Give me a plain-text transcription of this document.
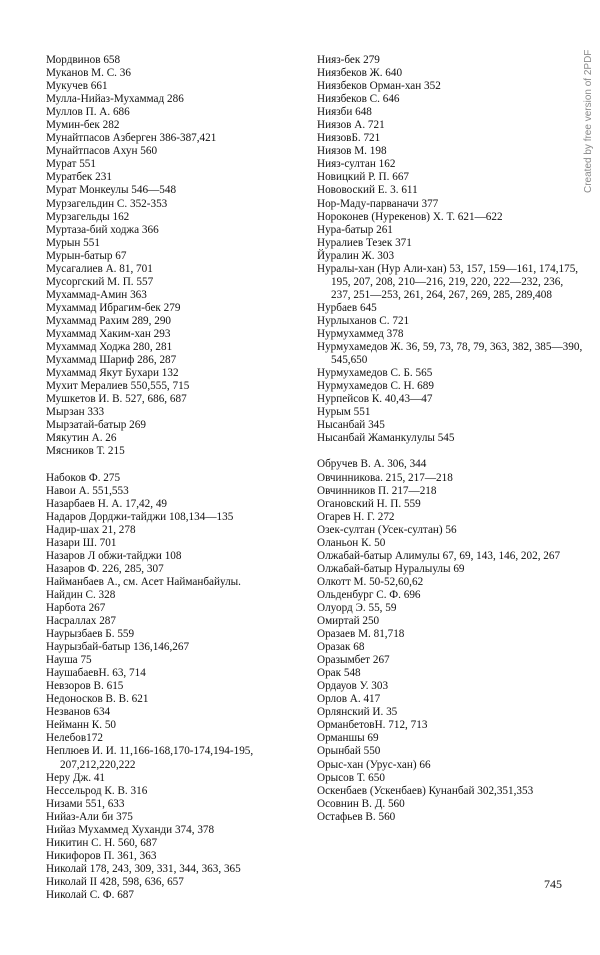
Мордвинов 658
Муканов М. С. 36
Мукучев 661
Мулла-Нийаз-Мухаммад 286
Муллов П. А. 686
Мумин-бек 282
Мунайтпасов Азберген 386-387,421
Мунайтпасов Ахун 560
Мурат 551
Муратбек 231
Мурат Монкеулы 546—548
Мурзагельдин С. 352-353
Мурзагельды 162
Муртаза-бий ходжа 366
Мурын 551
Мурын-батыр 67
Мусагалиев А. 81, 701
Мусоргский М. П. 557
Мухаммад-Амин 363
Мухаммад Ибрагим-бек 279
Мухаммад Рахим 289, 290
Мухаммад Хаким-хан 293
Мухаммад Ходжа 280, 281
Мухаммад Шариф 286, 287
Мухаммад Якут Бухари 132
Мухит Мералиев 550,555, 715
Мушкетов И. В. 527, 686, 687
Мырзан 333
Мырзатай-батыр 269
Мякутин А. 26
Мясников Т. 215
Набоков Ф. 275
Навои А. 551,553
Назарбаев Н. А. 17,42, 49
Надаров Дорджи-тайджи 108,134—135
Надир-шах 21, 278
Назари Ш. 701
Назаров Л обжи-тайджи 108
Назаров Ф. 226, 285, 307
Найманбаев А., см. Асет Найманбайулы.
Найдин С. 328
Нарбота 267
Насраллах 287
Наурызбаев Б. 559
Наурызбай-батыр 136,146,267
Науша 75
НаушабаевН. 63, 714
Невзоров В. 615
Недоносков В. В. 621
Незванов 634
Нейманн К. 50
Нелебов172
Неплюев И. И. 11,166-168,170-174,194-195, 207,212,220,222
Неру Дж. 41
Нессельрод К. В. 316
Низами 551, 633
Нийаз-Али би 375
Нийаз Мухаммед Хуханди 374, 378
Никитин С. Н. 560, 687
Никифоров П. 361, 363
Николай 178, 243, 309, 331, 344, 363, 365
Николай II 428, 598, 636, 657
Николай С. Ф. 687
Нияз-бек 279
Ниязбеков Ж. 640
Ниязбеков Орман-хан 352
Ниязбеков С. 646
Ниязби 648
Ниязов А. 721
НиязовБ. 721
Ниязов М. 198
Нияз-султан 162
Новицкий Р. П. 667
Нововоский Е. 3. 611
Нор-Маду-парваначи 377
Нороконев (Нурекенов) Х. Т. 621—622
Нура-батыр 261
Нуралиев Тезек 371
Йуралин Ж. 303
Нуралы-хан (Нур Али-хан) 53, 157, 159—161, 174,175, 195, 207, 208, 210—216, 219, 220, 222—232, 236, 237, 251—253, 261, 264, 267, 269, 285, 289,408
Нурбаев 645
Нурлыханов С. 721
Нурмухаммед 378
Нурмухамедов Ж. 36, 59, 73, 78, 79, 363, 382, 385—390, 545,650
Нурмухамедов С. Б. 565
Нурмухамедов С. Н. 689
Нурпейсов К. 40,43—47
Нурым 551
Нысанбай 345
Нысанбай Жаманкулулы 545
Обручев В. А. 306, 344
Овчинникова. 215, 217—218
Овчинников П. 217—218
Огановский Н. П. 559
Огарев Н. Г. 272
Озек-султан (Усек-султан) 56
Оланьон К. 50
Олжабай-батыр Алимулы 67, 69, 143, 146, 202, 267
Олжабай-батыр Нуралыулы 69
Олкотт М. 50-52,60,62
Ольденбург С. Ф. 696
Олуорд Э. 55, 59
Омиртай 250
Оразаев М. 81,718
Оразак 68
Оразымбет 267
Орак 548
Ордауов У. 303
Орлов А. 417
Орлянский И. 35
ОрманбетовН. 712, 713
Орманшы 69
Орынбай 550
Орыс-хан (Урус-хан) 66
Орысов Т. 650
Оскенбаев (Ускенбаев) Кунанбай 302,351,353
Осовнин В. Д. 560
Остафьев В. 560
745
Created by free version of 2PDF
